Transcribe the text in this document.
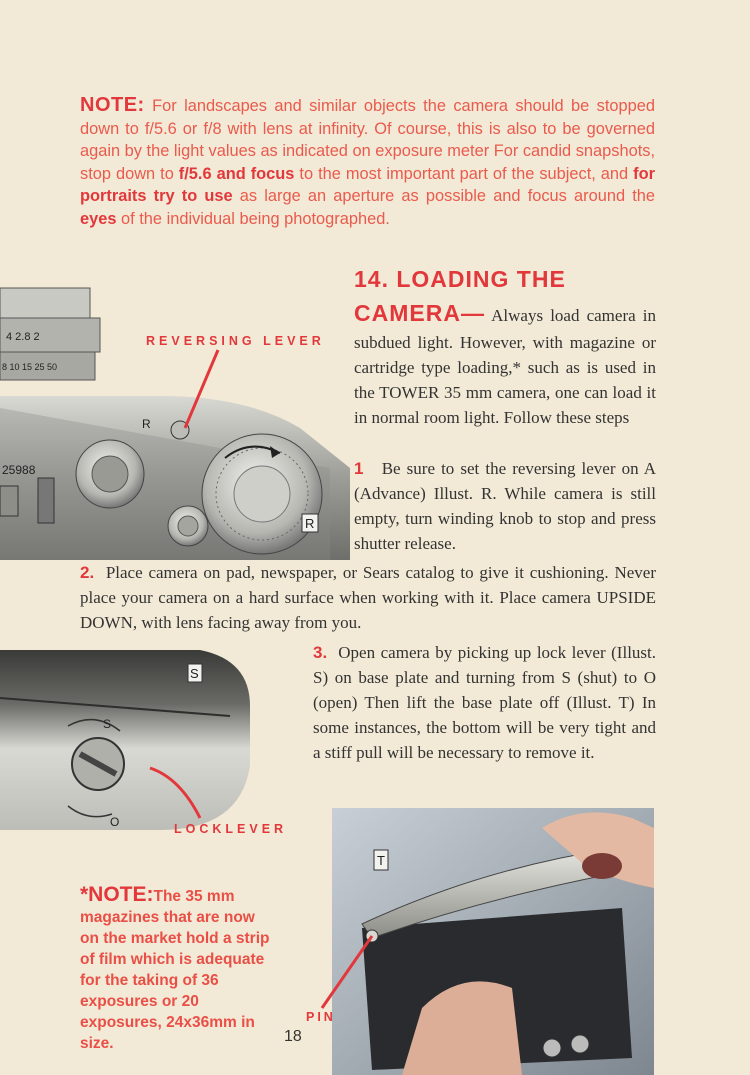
NOTE: For landscapes and similar objects the camera should be stopped down to f/5.6 or f/8 with lens at infinity. Of course, this is also to be governed again by the light values as indicated on exposure meter For candid snapshots, stop down to f/5.6 and focus to the most important part of the subject, and for portraits try to use as large an aperture as possible and focus around the eyes of the individual being photographed.
4 2.8 2
8 10 15 25 50
25988
R
R
REVERSING LEVER
14. LOADING THE
CAMERA— Always load camera in subdued light. However, with magazine or cartridge type loading,* such as is used in the TOWER 35 mm camera, one can load it in normal room light. Follow these steps
1 Be sure to set the reversing lever on A (Advance) Illust. R. While camera is still empty, turn winding knob to stop and press shutter release.
2. Place camera on pad, newspaper, or Sears catalog to give it cushioning. Never place your camera on a hard surface when working with it. Place camera UPSIDE DOWN, with lens facing away from you.
S
O
S
LOCKLEVER
3. Open camera by picking up lock lever (Illust. S) on base plate and turning from S (shut) to O (open) Then lift the base plate off (Illust. T) In some instances, the bottom will be very tight and a stiff pull will be necessary to remove it.
T
PIN
*NOTE:The 35 mm magazines that are now on the market hold a strip of film which is adequate for the taking of 36 exposures or 20 exposures, 24x36mm in size.	18
